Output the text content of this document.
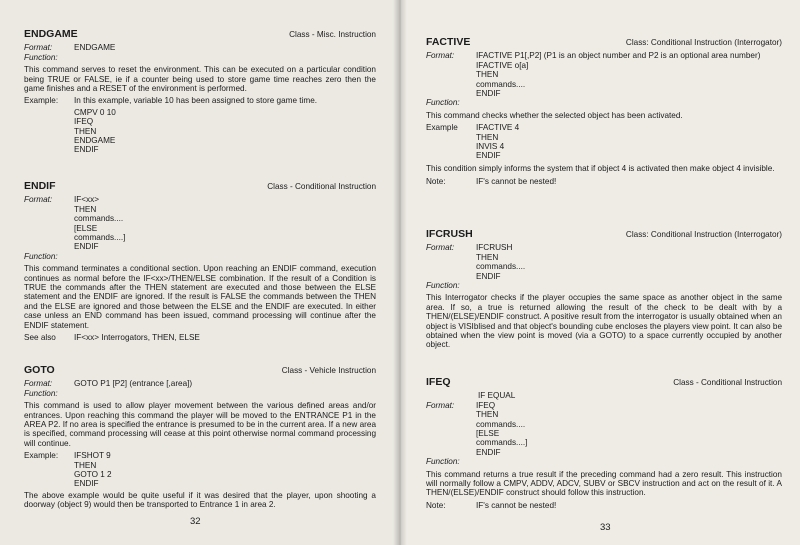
ENDGAME	Class - Misc. Instruction
Format:	ENDGAME
Function:

This command serves to reset the environment. This can be executed on a particular condition being TRUE or FALSE, ie if a counter being used to store game time reaches zero then the game finishes and a RESET of the environment is performed.

Example:	In this example, variable 10 has been assigned to store game time.
CMPV 0 10
IFEQ
THEN
ENDGAME
ENDIF
ENDIF	Class - Conditional Instruction
Format:	IF<xx>
THEN
commands....
[ELSE
commands....]
ENDIF
Function:

This command terminates a conditional section. Upon reaching an ENDIF command, execution continues as normal before the IF<xx>/THEN/ELSE combination. If the result of a Condition is TRUE the commands after the THEN statement are executed and those between the ELSE statement and the ENDIF are ignored. If the result is FALSE the commands between the THEN and the ELSE are ignored and those between the ELSE and the ENDIF are executed. In either case unless an END command has been issued, command processing will continue after the ENDIF statement.

See also	IF<xx> Interrogators, THEN, ELSE
GOTO	Class - Vehicle Instruction
Format:	GOTO P1 [P2] (entrance [,area])
Function:

This command is used to allow player movement between the various defined areas and/or entrances. Upon reaching this command the player will be moved to the ENTRANCE P1 in the AREA P2. If no area is specified the entrance is presumed to be in the current area. If a new area is specified, command processing will cease at this point otherwise normal command processing will continue.

Example:	IFSHOT 9
THEN
GOTO 1 2
ENDIF

The above example would be quite useful if it was desired that the player, upon shooting a doorway (object 9) would then be transported to Entrance 1 in area 2.

32
FACTIVE	Class: Conditional Instruction (Interrogator)
Format:	IFACTIVE P1[,P2] (P1 is an object number and P2 is an optional area number)
IFACTIVE o[a]
THEN
commands....
ENDIF
Function:

This command checks whether the selected object has been activated.

Example	IFACTIVE 4
THEN
INVIS 4
ENDIF

This condition simply informs the system that if object 4 is activated then make object 4 invisible.

Note:	IF's cannot be nested!
IFCRUSH	Class: Conditional Instruction (Interrogator)
Format:	IFCRUSH
THEN
commands....
ENDIF
Function:

This Interrogator checks if the player occupies the same space as another object in the same area. If so, a true is returned allowing the result of the check to be dealt with by a THEN/(ELSE)/ENDIF construct. A positive result from the interrogator is usually obtained when an object is VISIblised and that object's bounding cube encloses the players view point. It can also be obtained when the view point is moved (via a GOTO) to a space currently occupied by another object.

IFEQ	Class - Conditional Instruction
IF EQUAL
Format:	IFEQ
THEN
commands....
[ELSE
commands....]
ENDIF
Function:

This command returns a true result if the preceding command had a zero result. This instruction will normally follow a CMPV, ADDV, ADCV, SUBV or SBCV instruction and act on the result of it. A THEN/(ELSE)/ENDIF construct should follow this instruction.

Note:	IF's cannot be nested!
33
